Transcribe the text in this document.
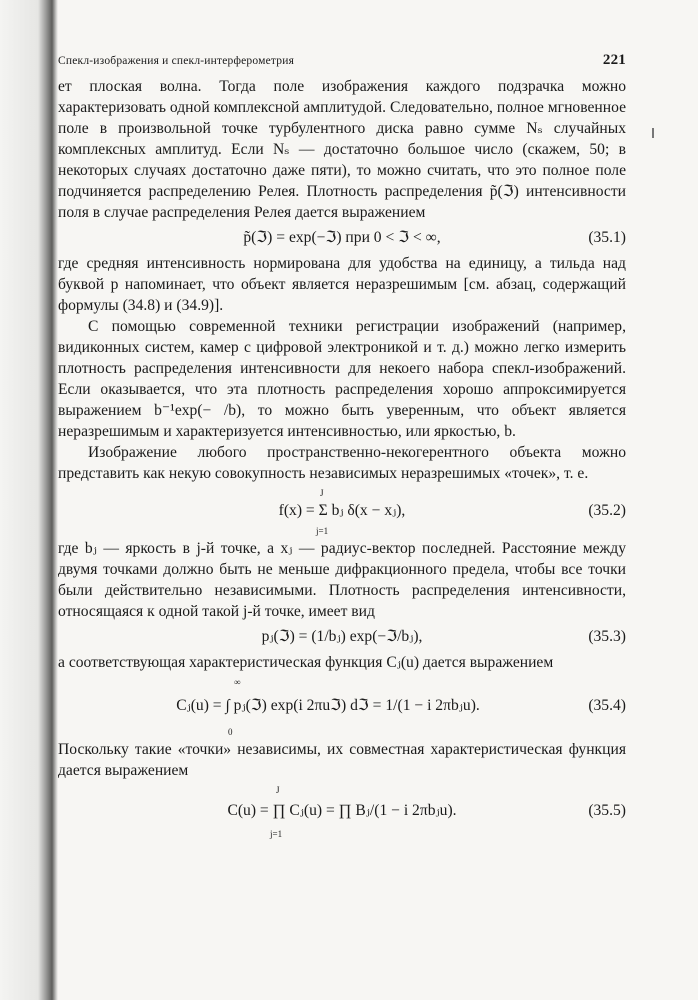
Спекл-изображения и спекл-интерферометрия	221

ет плоская волна. Тогда поле изображения каждого подзрачка можно характеризовать одной комплексной амплитудой. Следовательно, полное мгновенное поле в произвольной точке турбулентного диска равно сумме Nₛ случайных комплексных амплитуд. Если Nₛ — достаточно большое число (скажем, 50; в некоторых случаях достаточно даже пяти), то можно считать, что это полное поле подчиняется распределению Релея. Плотность распределения p̃(ℑ) интенсивности поля в случае распределения Релея дается выражением

p̃(ℑ) = exp(−ℑ) при 0 < ℑ < ∞,	(35.1)

где средняя интенсивность нормирована для удобства на единицу, а тильда над буквой p напоминает, что объект является неразрешимым [см. абзац, содержащий формулы (34.8) и (34.9)].

С помощью современной техники регистрации изображений (например, видиконных систем, камер с цифровой электроникой и т. д.) можно легко измерить плотность распределения интенсивности для некоего набора спекл-изображений. Если оказывается, что эта плотность распределения хорошо аппроксимируется выражением b⁻¹exp(− /b), то можно быть уверенным, что объект является неразрешимым и характеризуется интенсивностью, или яркостью, b.

Изображение любого пространственно-некогерентного объекта можно представить как некую совокупность независимых неразрешимых «точек», т. е.

J
f(x) = Σ bⱼ δ(x − xⱼ),
j=1
(35.2)

где bⱼ — яркость в j-й точке, а xⱼ — радиус-вектор последней. Расстояние между двумя точками должно быть не меньше дифракционного предела, чтобы все точки были действительно независимыми. Плотность распределения интенсивности, относящаяся к одной такой j-й точке, имеет вид

pⱼ(ℑ) = (1/bⱼ) exp(−ℑ/bⱼ),	(35.3)

а соответствующая характеристическая функция Cⱼ(u) дается выражением

∞
Cⱼ(u) = ∫ pⱼ(ℑ) exp(i 2πuℑ) dℑ = 1/(1 − i 2πbⱼu).
0
(35.4)

Поскольку такие «точки» независимы, их совместная характеристическая функция дается выражением

J
C(u) = ∏ Cⱼ(u) = ∏ Bⱼ/(1 − i 2πbⱼu).
j=1
(35.5)
